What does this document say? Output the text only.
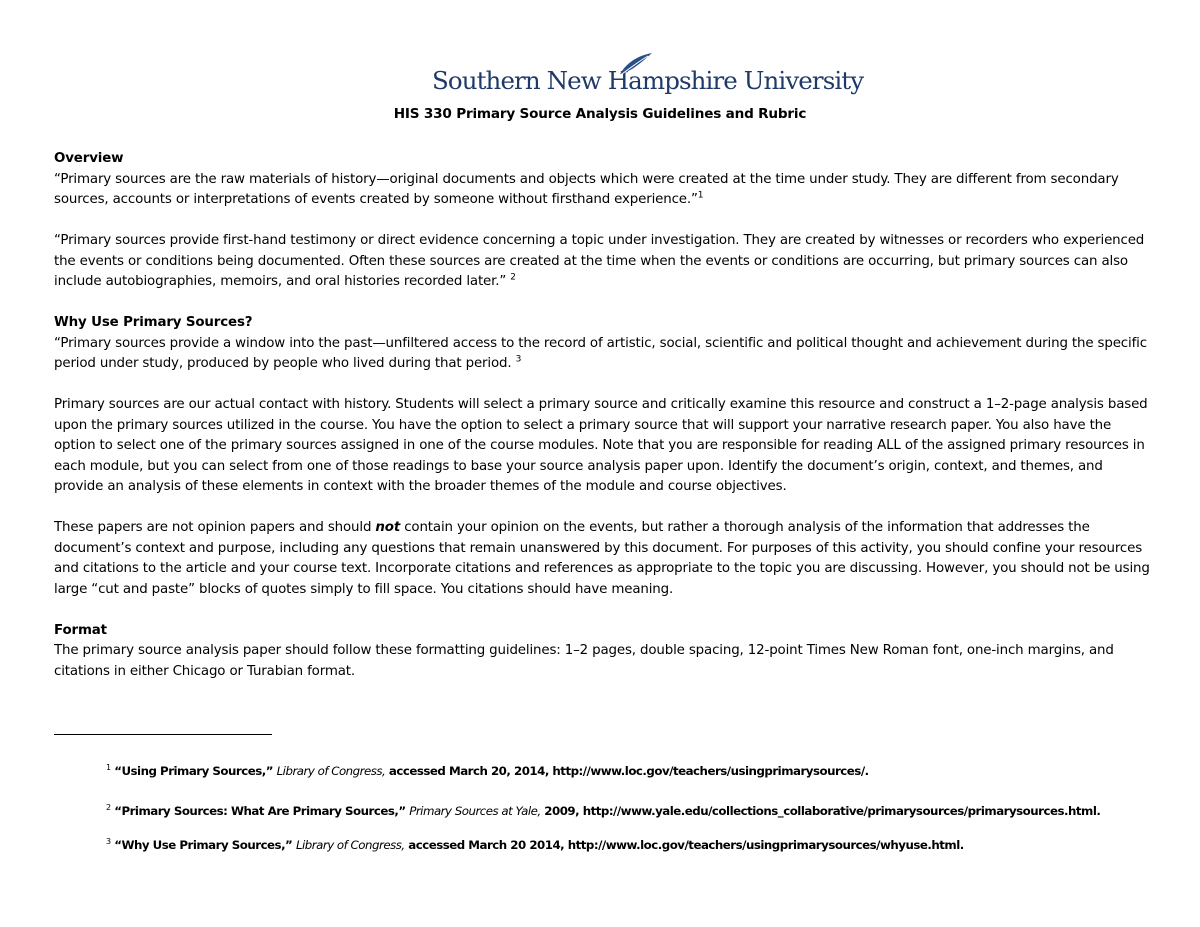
Southern New Hampshire University
HIS 330 Primary Source Analysis Guidelines and Rubric
Overview

“Primary sources are the raw materials of history—original documents and objects which were created at the time under study. They are different from secondary sources, accounts or interpretations of events created by someone without firsthand experience.”$^1$

“Primary sources provide first-hand testimony or direct evidence concerning a topic under investigation. They are created by witnesses or recorders who experienced the events or conditions being documented. Often these sources are created at the time when the events or conditions are occurring, but primary sources can also include autobiographies, memoirs, and oral histories recorded later.” $^2$

Why Use Primary Sources?

“Primary sources provide a window into the past—unfiltered access to the record of artistic, social, scientific and political thought and achievement during the specific period under study, produced by people who lived during that period. $^3$

Primary sources are our actual contact with history. Students will select a primary source and critically examine this resource and construct a 1–2-page analysis based upon the primary sources utilized in the course. You have the option to select a primary source that will support your narrative research paper. You also have the option to select one of the primary sources assigned in one of the course modules. Note that you are responsible for reading ALL of the assigned primary resources in each module, but you can select from one of those readings to base your source analysis paper upon. Identify the document’s origin, context, and themes, and provide an analysis of these elements in context with the broader themes of the module and course objectives.

These papers are not opinion papers and should not contain your opinion on the events, but rather a thorough analysis of the information that addresses the document’s context and purpose, including any questions that remain unanswered by this document. For purposes of this activity, you should confine your resources and citations to the article and your course text. Incorporate citations and references as appropriate to the topic you are discussing. However, you should not be using large “cut and paste” blocks of quotes simply to fill space. You citations should have meaning.

Format

The primary source analysis paper should follow these formatting guidelines: 1–2 pages, double spacing, 12-point Times New Roman font, one-inch margins, and citations in either Chicago or Turabian format.

$^1$ “Using Primary Sources,” Library of Congress, accessed March 20, 2014, http://www.loc.gov/teachers/usingprimarysources/.
$^2$ “Primary Sources: What Are Primary Sources,” Primary Sources at Yale, 2009, http://www.yale.edu/collections_collaborative/primarysources/primarysources.html.
$^3$ “Why Use Primary Sources,” Library of Congress, accessed March 20 2014, http://www.loc.gov/teachers/usingprimarysources/whyuse.html.
